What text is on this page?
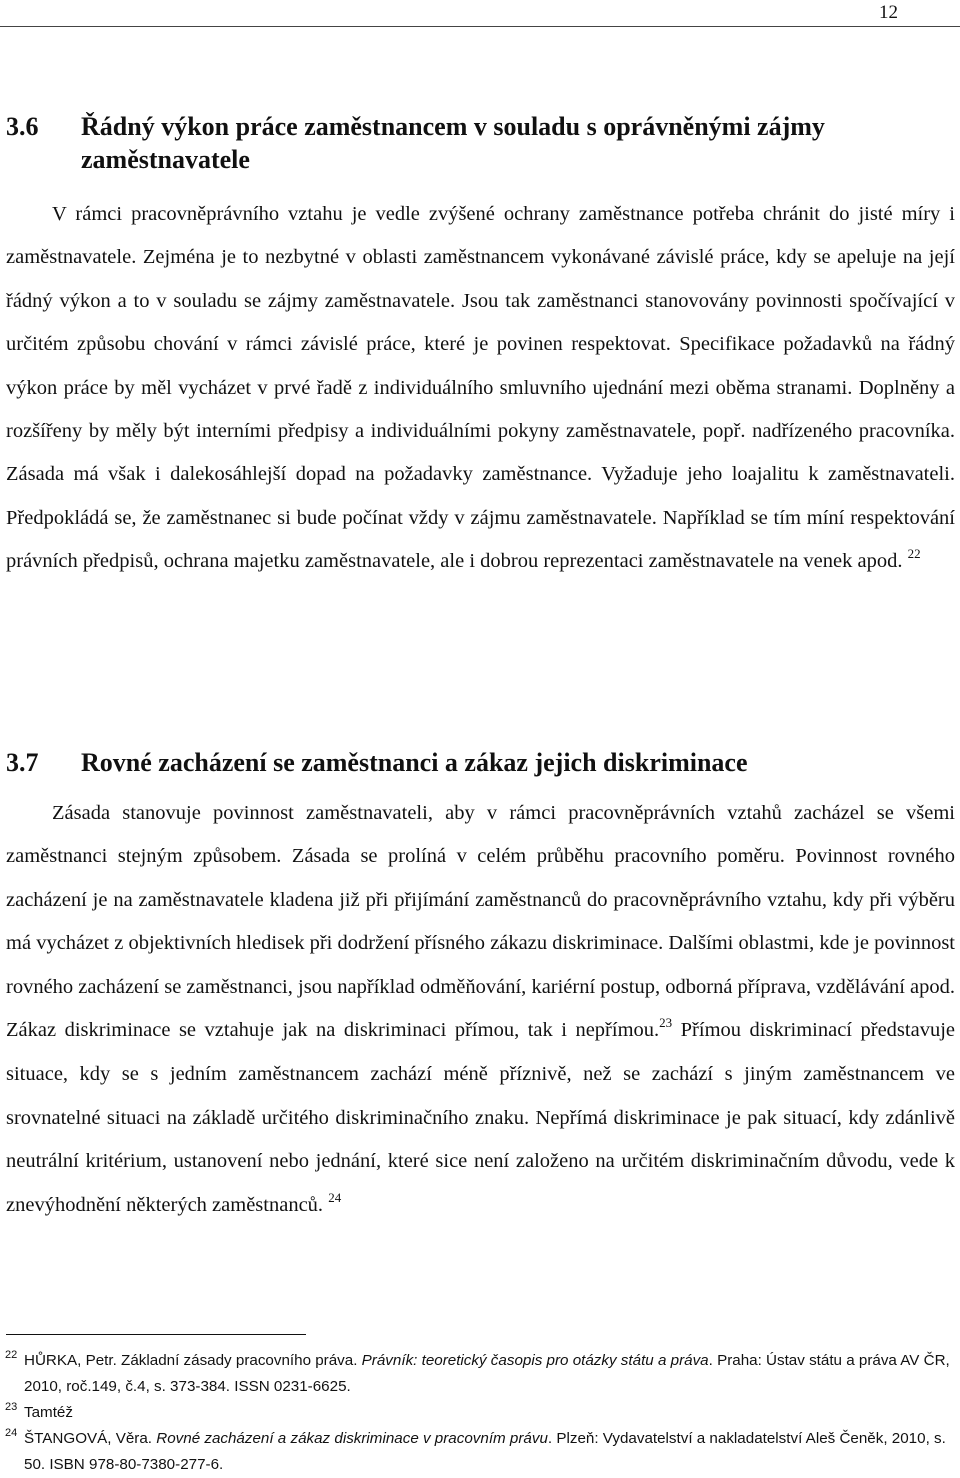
12
3.6	Řádný výkon práce zaměstnancem v souladu s oprávněnými zájmy zaměstnavatele

V rámci pracovněprávního vztahu je vedle zvýšené ochrany zaměstnance potřeba chránit do jisté míry i zaměstnavatele. Zejména je to nezbytné v oblasti zaměstnancem vykonávané závislé práce, kdy se apeluje na její řádný výkon a to v souladu se zájmy zaměstnavatele. Jsou tak zaměstnanci stanovovány povinnosti spočívající v určitém způsobu chování v rámci závislé práce, které je povinen respektovat. Specifikace požadavků na řádný výkon práce by měl vycházet v prvé řadě z individuálního smluvního ujednání mezi oběma stranami. Doplněny a rozšířeny by měly být interními předpisy a individuálními pokyny zaměstnavatele, popř. nadřízeného pracovníka. Zásada má však i dalekosáhlejší dopad na požadavky zaměstnance. Vyžaduje jeho loajalitu k zaměstnavateli. Předpokládá se, že zaměstnanec si bude počínat vždy v zájmu zaměstnavatele. Například se tím míní respektování právních předpisů, ochrana majetku zaměstnavatele, ale i dobrou reprezentaci zaměstnavatele na venek apod. $^{22}$

3.7	Rovné zacházení se zaměstnanci a zákaz jejich diskriminace

Zásada stanovuje povinnost zaměstnavateli, aby v rámci pracovněprávních vztahů zacházel se všemi zaměstnanci stejným způsobem. Zásada se prolíná v celém průběhu pracovního poměru. Povinnost rovného zacházení je na zaměstnavatele kladena již při přijímání zaměstnanců do pracovněprávního vztahu, kdy při výběru má vycházet z objektivních hledisek při dodržení přísného zákazu diskriminace. Dalšími oblastmi, kde je povinnost rovného zacházení se zaměstnanci, jsou například odměňování, kariérní postup, odborná příprava, vzdělávání apod. Zákaz diskriminace se vztahuje jak na diskriminaci přímou, tak i nepřímou.$^{23}$ Přímou diskriminací představuje situace, kdy se s jedním zaměstnancem zachází méně příznivě, než se zachází s jiným zaměstnancem ve srovnatelné situaci na základě určitého diskriminačního znaku. Nepřímá diskriminace je pak situací, kdy zdánlivě neutrální kritérium, ustanovení nebo jednání, které sice není založeno na určitém diskriminačním důvodu, vede k znevýhodnění některých zaměstnanců. $^{24}$

22 HŮRKA, Petr. Základní zásady pracovního práva. Právník: teoretický časopis pro otázky státu a práva. Praha: Ústav státu a práva AV ČR, 2010, roč.149, č.4, s. 373-384. ISSN 0231-6625.
23 Tamtéž
24 ŠTANGOVÁ, Věra. Rovné zacházení a zákaz diskriminace v pracovním právu. Plzeň: Vydavatelství a nakladatelství Aleš Čeněk, 2010, s. 50. ISBN 978-80-7380-277-6.
